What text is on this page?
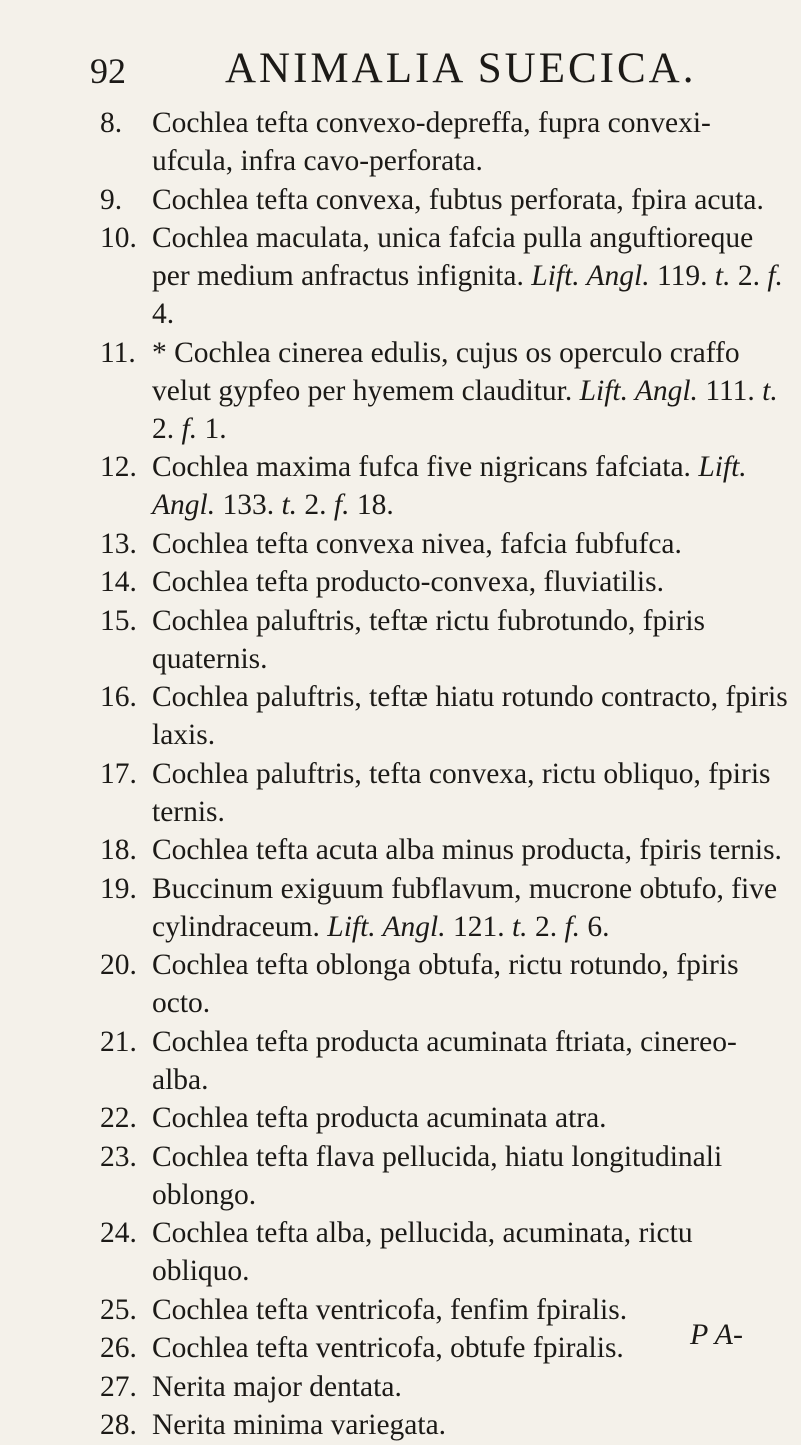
92 ANIMALIA SUECICA.
8.	Cochlea tefta convexo-depreffa, fupra convexi-ufcula, infra cavo-perforata.
9.	Cochlea tefta convexa, fubtus perforata, fpira acuta.
10. Cochlea maculata, unica fafcia pulla anguftioreque per medium anfractus infignita. Lift. Angl. 119. t. 2. f. 4.
11. * Cochlea cinerea edulis, cujus os operculo craffo velut gypfeo per hyemem clauditur. Lift. Angl. 111. t. 2. f. 1.
12. Cochlea maxima fufca five nigricans fafciata. Lift. Angl. 133. t. 2. f. 18.
13. Cochlea tefta convexa nivea, fafcia fubfufca.
14. Cochlea tefta producto-convexa, fluviatilis.
15. Cochlea paluftris, teftæ rictu fubrotundo, fpiris quaternis.
16. Cochlea paluftris, teftæ hiatu rotundo contracto, fpiris laxis.
17. Cochlea paluftris, tefta convexa, rictu obliquo, fpiris ternis.
18. Cochlea tefta acuta alba minus producta, fpiris ternis.
19. Buccinum exiguum fubflavum, mucrone obtufo, five cylindraceum. Lift. Angl. 121. t. 2. f. 6.
20. Cochlea tefta oblonga obtufa, rictu rotundo, fpiris octo.
21. Cochlea tefta producta acuminata ftriata, cinereo-alba.
22. Cochlea tefta producta acuminata atra.
23. Cochlea tefta flava pellucida, hiatu longitudinali oblongo.
24. Cochlea tefta alba, pellucida, acuminata, rictu obliquo.
25. Cochlea tefta ventricofa, fenfim fpiralis.
26. Cochlea tefta ventricofa, obtufe fpiralis.
27. Nerita major dentata.
28. Nerita minima variegata.
P A-
